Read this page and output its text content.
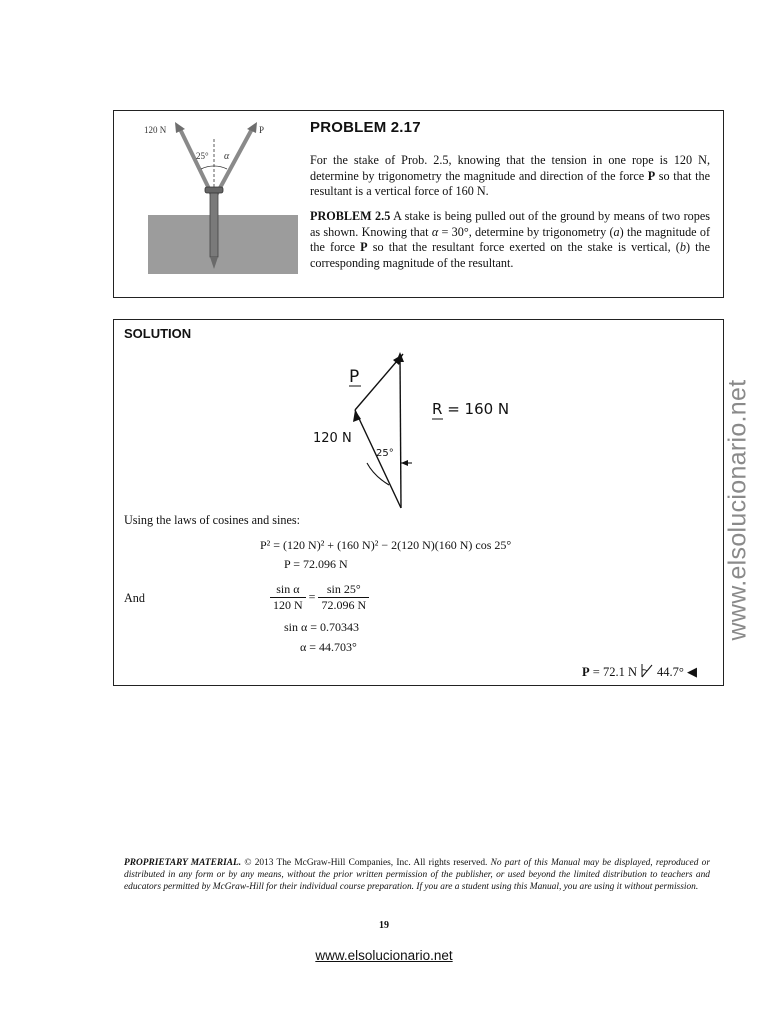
120 N	P
25° α
PROBLEM 2.17
For the stake of Prob. 2.5, knowing that the tension in one rope is 120 N, determine by trigonometry the magnitude and direction of the force P so that the resultant is a vertical force of 160 N.
PROBLEM 2.5 A stake is being pulled out of the ground by means of two ropes as shown. Knowing that α = 30°, determine by trigonometry (a) the magnitude of the force P so that the resultant force exerted on the stake is vertical, (b) the corresponding magnitude of the resultant.
SOLUTION
P
R = 160 N
120 N
25°
Using the laws of cosines and sines:
P² = (120 N)² + (160 N)² − 2(120 N)(160 N) cos 25°
P = 72.096 N
And	$\frac{\text{sin α}}{120 N} = \frac{\sin 25^\circ}{72.096 N}$
sin α = 0.70343
α = 44.703°
P = 72.1 N 44.7° ◀
www.elsolucionario.net
PROPRIETARY MATERIAL. © 2013 The McGraw-Hill Companies, Inc. All rights reserved. No part of this Manual may be displayed, reproduced or distributed in any form or by any means, without the prior written permission of the publisher, or used beyond the limited distribution to teachers and educators permitted by McGraw-Hill for their individual course preparation. If you are a student using this Manual, you are using it without permission.
19
www.elsolucionario.net
